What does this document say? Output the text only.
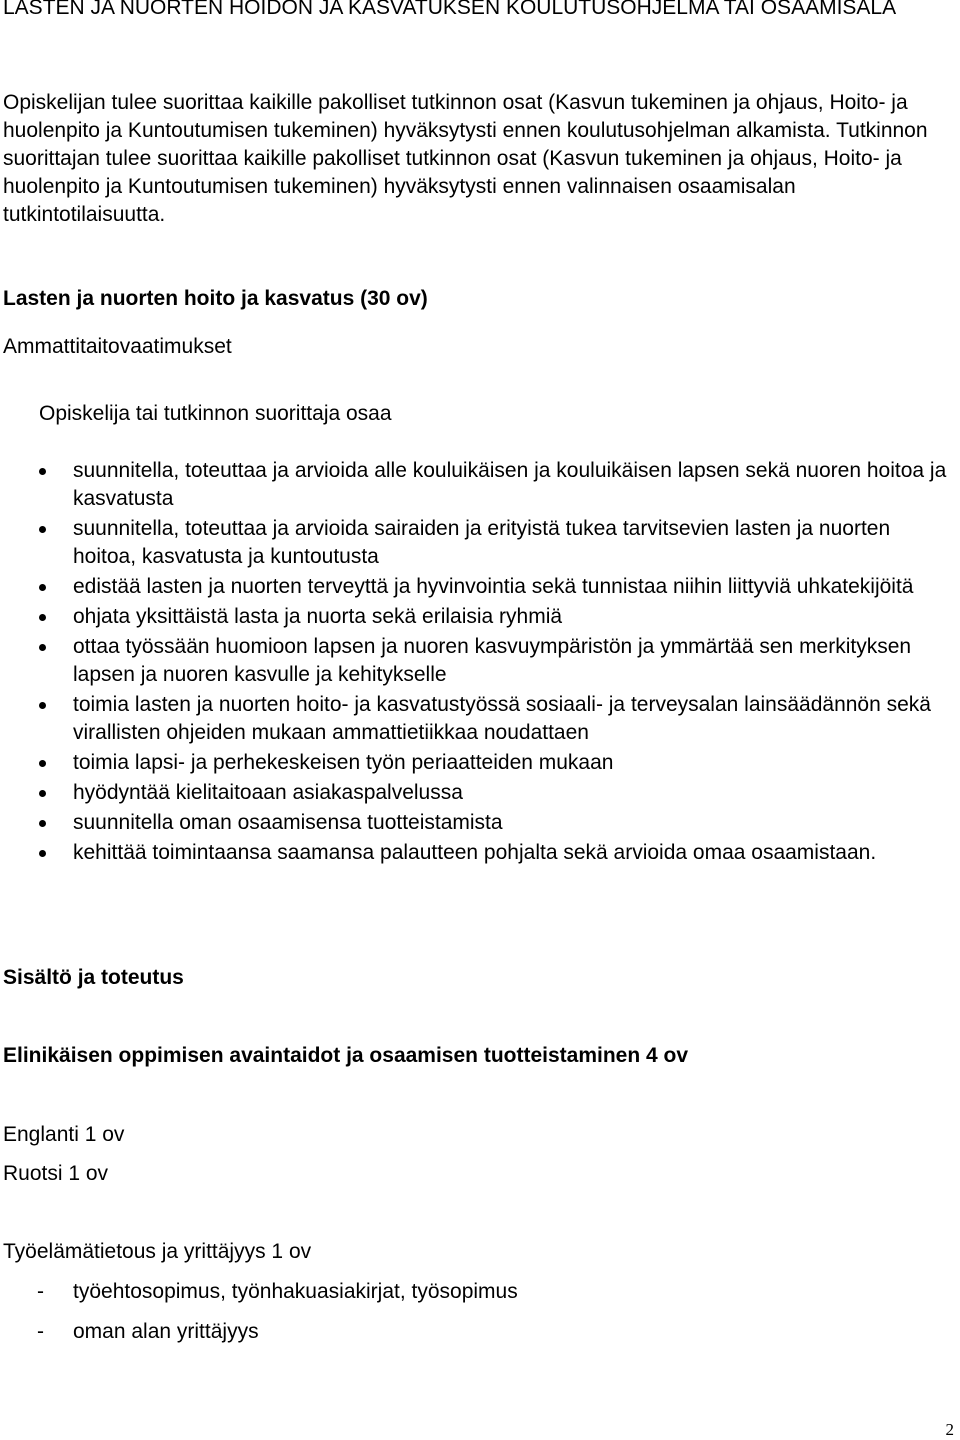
LASTEN JA NUORTEN HOIDON JA KASVATUKSEN KOULUTUSOHJELMA TAI OSAAMISALA

Opiskelijan tulee suorittaa kaikille pakolliset tutkinnon osat (Kasvun tukeminen ja ohjaus, Hoito- ja huolenpito ja Kuntoutumisen tukeminen) hyväksytysti ennen koulutusohjelman alkamista. Tutkinnon suorittajan tulee suorittaa kaikille pakolliset tutkinnon osat (Kasvun tukeminen ja ohjaus, Hoito- ja huolenpito ja Kuntoutumisen tukeminen) hyväksytysti ennen valinnaisen osaamisalan tutkintotilaisuutta.

Lasten ja nuorten hoito ja kasvatus (30 ov)

Ammattitaitovaatimukset

Opiskelija tai tutkinnon suorittaja osaa

suunnitella, toteuttaa ja arvioida alle kouluikäisen ja kouluikäisen lapsen sekä nuoren hoitoa ja kasvatusta
suunnitella, toteuttaa ja arvioida sairaiden ja erityistä tukea tarvitsevien lasten ja nuorten hoitoa, kasvatusta ja kuntoutusta
edistää lasten ja nuorten terveyttä ja hyvinvointia sekä tunnistaa niihin liittyviä uhkatekijöitä
ohjata yksittäistä lasta ja nuorta sekä erilaisia ryhmiä
ottaa työssään huomioon lapsen ja nuoren kasvuympäristön ja ymmärtää sen merkityksen lapsen ja nuoren kasvulle ja kehitykselle
toimia lasten ja nuorten hoito- ja kasvatustyössä sosiaali- ja terveysalan lainsäädännön sekä virallisten ohjeiden mukaan ammattietiikkaa noudattaen
toimia lapsi- ja perhekeskeisen työn periaatteiden mukaan
hyödyntää kielitaitoaan asiakaspalvelussa
suunnitella oman osaamisensa tuotteistamista
kehittää toimintaansa saamansa palautteen pohjalta sekä arvioida omaa osaamistaan.

Sisältö ja toteutus

Elinikäisen oppimisen avaintaidot ja osaamisen tuotteistaminen 4 ov

Englanti 1 ov

Ruotsi 1 ov

Työelämätietous ja yrittäjyys 1 ov

- työehtosopimus, työnhakuasiakirjat, työsopimus
- oman alan yrittäjyys
2
